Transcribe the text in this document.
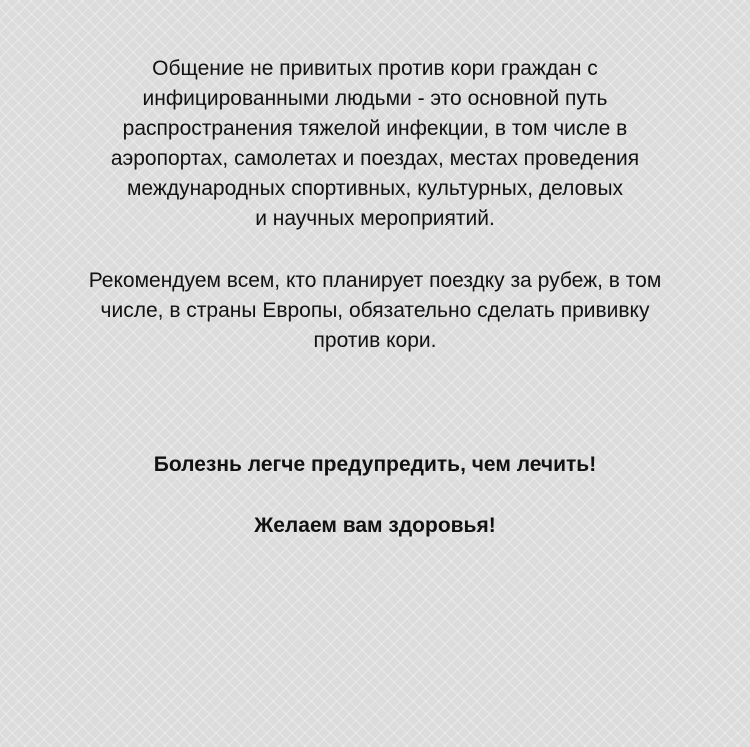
Общение не привитых против кори граждан с
инфицированными людьми - это основной путь
распространения тяжелой инфекции, в том числе в
аэропортах, самолетах и поездах, местах проведения
международных спортивных, культурных, деловых
и научных мероприятий.

Рекомендуем всем, кто планирует поездку за рубеж, в том
числе, в страны Европы, обязательно сделать прививку
против кори.

Болезнь легче предупредить, чем лечить!

Желаем вам здоровья!
